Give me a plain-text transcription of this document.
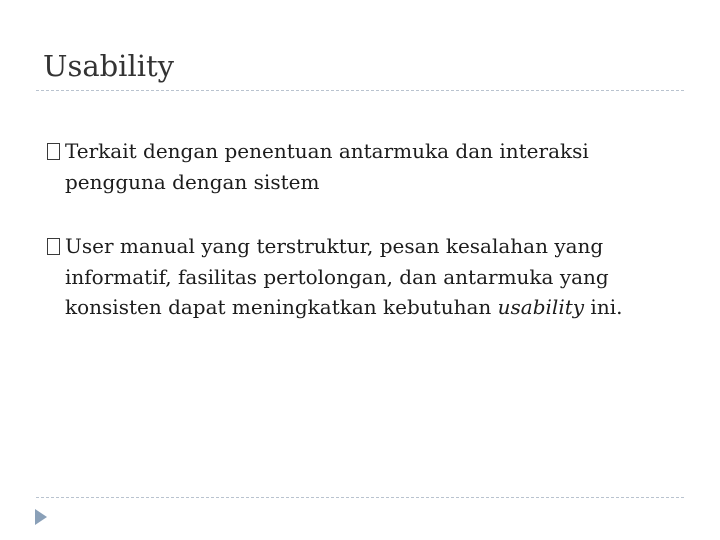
Usability
Terkait dengan penentuan antarmuka dan interaksi pengguna dengan sistem
User manual yang terstruktur, pesan kesalahan yang informatif, fasilitas pertolongan, dan antarmuka yang konsisten dapat meningkatkan kebutuhan usability ini.
